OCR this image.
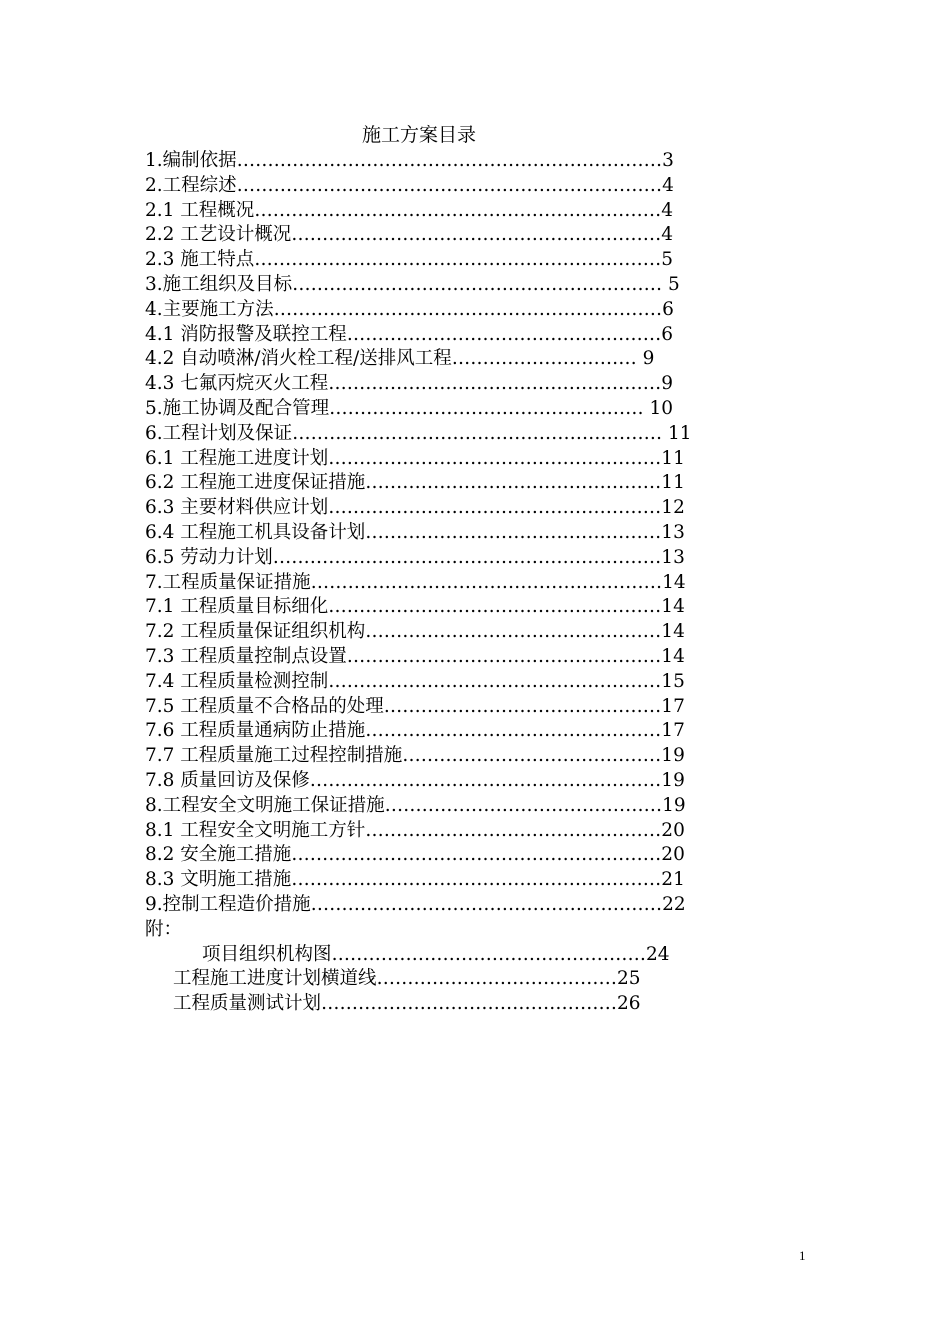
施工方案目录
1.编制依据……………………………………………………………3
2.工程综述……………………………………………………………4
2.1 工程概况…………………………………………………………4
2.2 工艺设计概况……………………………………………………4
2.3 施工特点…………………………………………………………5
3.施工组织及目标…………………………………………………… 5
4.主要施工方法………………………………………………………6
4.1 消防报警及联控工程……………………………………………6
4.2 自动喷淋/消火栓工程/送排风工程………………………… 9
4.3 七氟丙烷灭火工程………………………………………………9
5.施工协调及配合管理…………………………………………… 10
6.工程计划及保证…………………………………………………… 11
6.1 工程施工进度计划………………………………………………11
6.2 工程施工进度保证措施…………………………………………11
6.3 主要材料供应计划………………………………………………12
6.4 工程施工机具设备计划…………………………………………13
6.5 劳动力计划………………………………………………………13
7.工程质量保证措施…………………………………………………14
7.1 工程质量目标细化………………………………………………14
7.2 工程质量保证组织机构…………………………………………14
7.3 工程质量控制点设置……………………………………………14
7.4 工程质量检测控制………………………………………………15
7.5 工程质量不合格品的处理………………………………………17
7.6 工程质量通病防止措施…………………………………………17
7.7 工程质量施工过程控制措施……………………………………19
7.8 质量回访及保修…………………………………………………19
8.工程安全文明施工保证措施………………………………………19
8.1 工程安全文明施工方针…………………………………………20
8.2 安全施工措施……………………………………………………20
8.3 文明施工措施……………………………………………………21
9.控制工程造价措施…………………………………………………22
附：
项目组织机构图……………………………………………24
工程施工进度计划横道线…………………………………25
工程质量测试计划…………………………………………26
1
